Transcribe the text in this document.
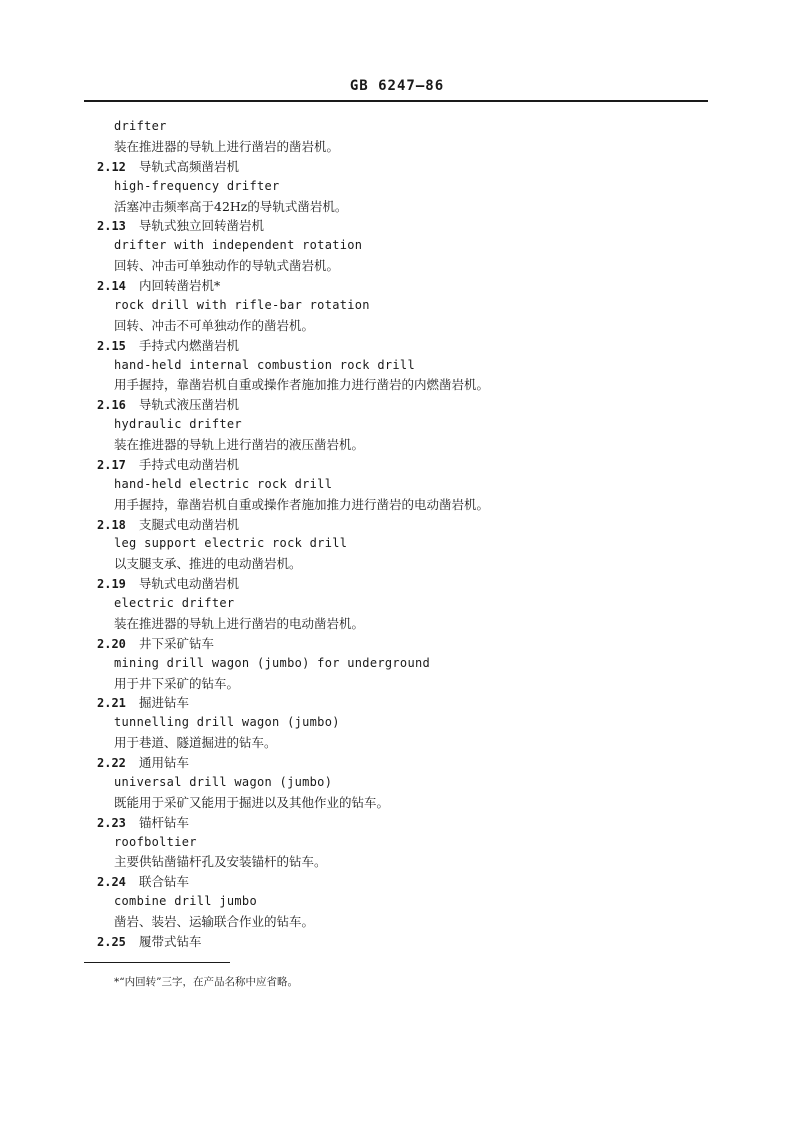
GB 6247—86
drifter
装在推进器的导轨上进行凿岩的凿岩机。
2.12 导轨式高频凿岩机
high-frequency drifter
活塞冲击频率高于42Hz的导轨式凿岩机。
2.13 导轨式独立回转凿岩机
drifter with independent rotation
回转、冲击可单独动作的导轨式凿岩机。
2.14 内回转凿岩机*
rock drill with rifle-bar rotation
回转、冲击不可单独动作的凿岩机。
2.15 手持式内燃凿岩机
hand-held internal combustion rock drill
用手握持，靠凿岩机自重或操作者施加推力进行凿岩的内燃凿岩机。
2.16 导轨式液压凿岩机
hydraulic drifter
装在推进器的导轨上进行凿岩的液压凿岩机。
2.17 手持式电动凿岩机
hand-held electric rock drill
用手握持，靠凿岩机自重或操作者施加推力进行凿岩的电动凿岩机。
2.18 支腿式电动凿岩机
leg support electric rock drill
以支腿支承、推进的电动凿岩机。
2.19 导轨式电动凿岩机
electric drifter
装在推进器的导轨上进行凿岩的电动凿岩机。
2.20 井下采矿钻车
mining drill wagon (jumbo) for underground
用于井下采矿的钻车。
2.21 掘进钻车
tunnelling drill wagon (jumbo)
用于巷道、隧道掘进的钻车。
2.22 通用钻车
universal drill wagon (jumbo)
既能用于采矿又能用于掘进以及其他作业的钻车。
2.23 锚杆钻车
roofboltier
主要供钻凿锚杆孔及安装锚杆的钻车。
2.24 联合钻车
combine drill jumbo
凿岩、装岩、运输联合作业的钻车。
2.25 履带式钻车
*“内回转”三字，在产品名称中应省略。
